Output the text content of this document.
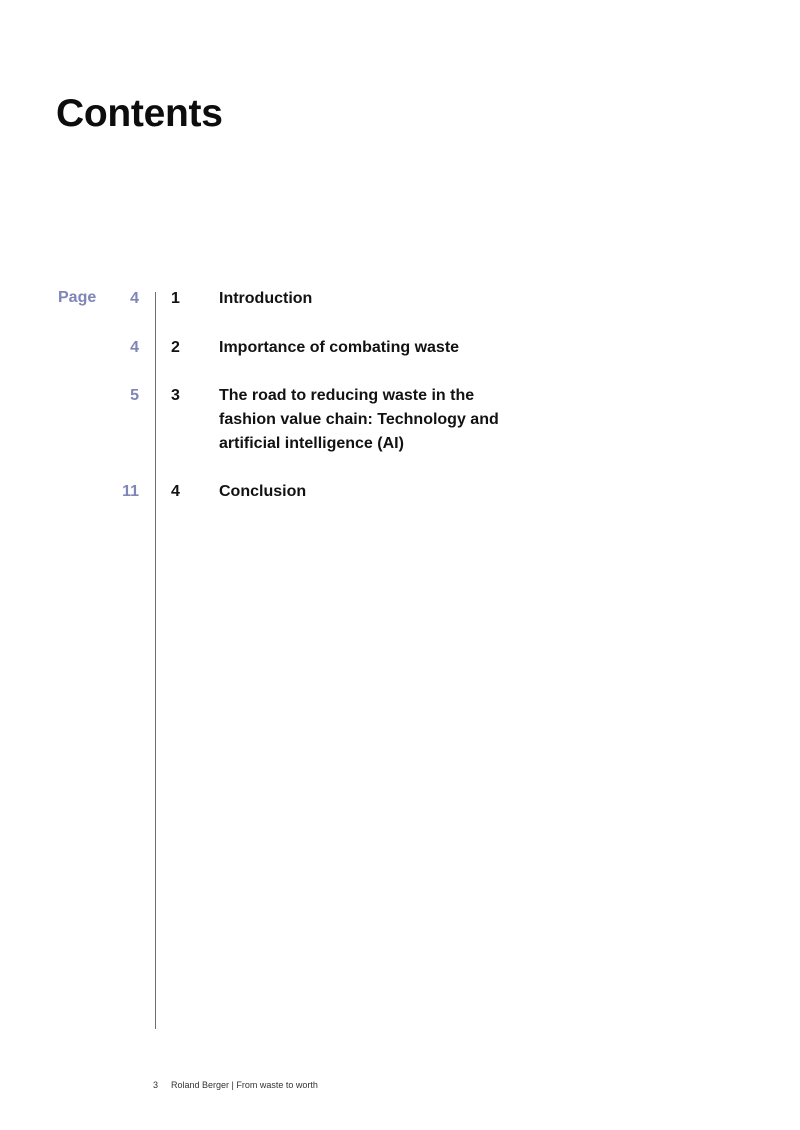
Contents
Page 4 1 Introduction
4 2 Importance of combating waste
5 3 The road to reducing waste in the fashion value chain: Technology and artificial intelligence (AI)
11 4 Conclusion
3 Roland Berger | From waste to worth
